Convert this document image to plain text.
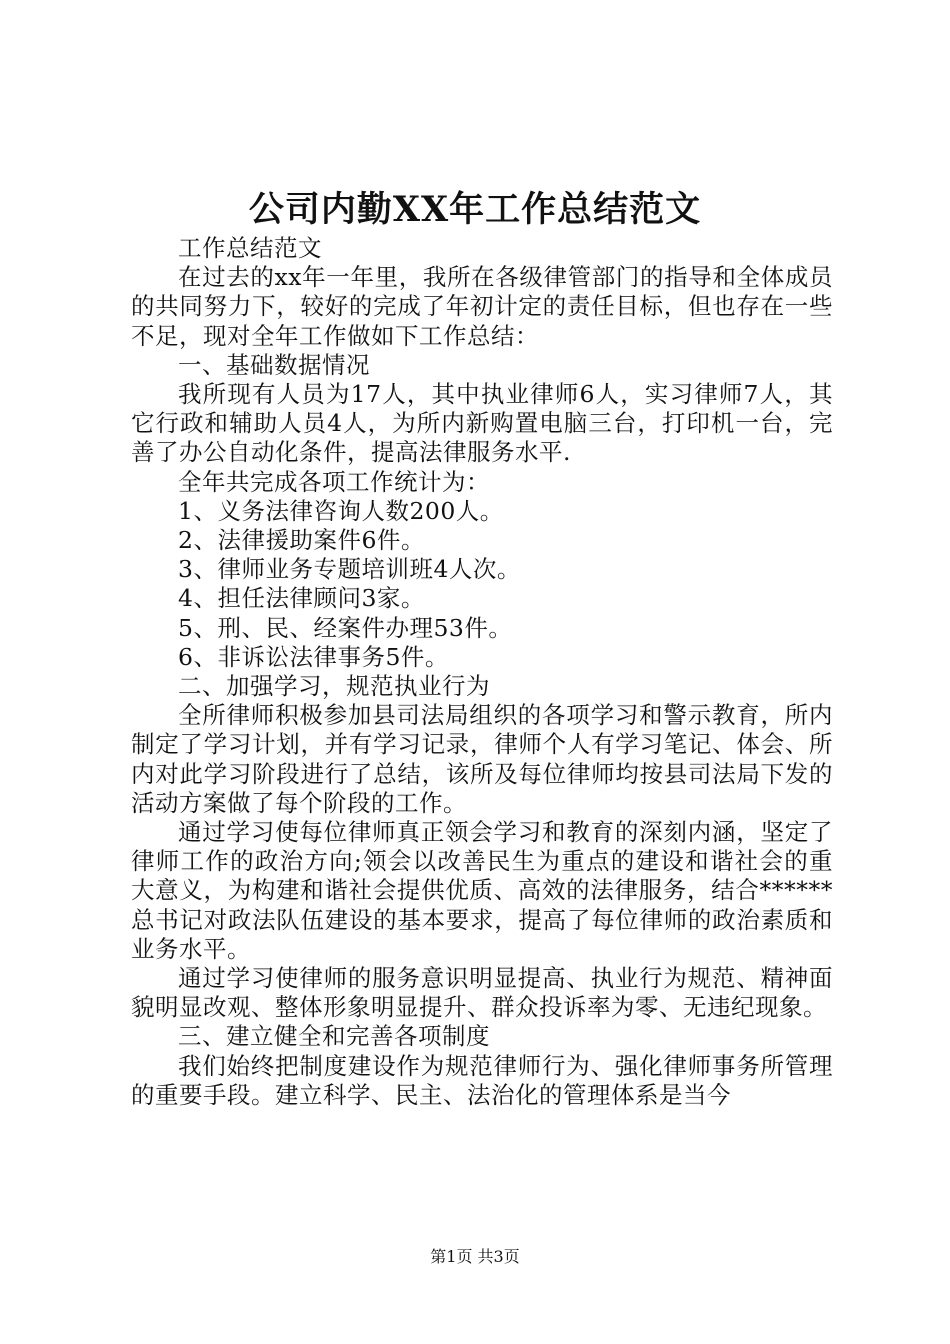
公司内勤XX年工作总结范文

工作总结范文

在过去的xx年一年里，我所在各级律管部门的指导和全体成员的共同努力下，较好的完成了年初计定的责任目标，但也存在一些不足，现对全年工作做如下工作总结：

一、基础数据情况

我所现有人员为17人，其中执业律师6人，实习律师7人，其它行政和辅助人员4人，为所内新购置电脑三台，打印机一台，完善了办公自动化条件，提高法律服务水平.

全年共完成各项工作统计为：

1、义务法律咨询人数200人。

2、法律援助案件6件。

3、律师业务专题培训班4人次。

4、担任法律顾问3家。

5、刑、民、经案件办理53件。

6、非诉讼法律事务5件。

二、加强学习，规范执业行为

全所律师积极参加县司法局组织的各项学习和警示教育，所内制定了学习计划，并有学习记录，律师个人有学习笔记、体会、所内对此学习阶段进行了总结，该所及每位律师均按县司法局下发的活动方案做了每个阶段的工作。

通过学习使每位律师真正领会学习和教育的深刻内涵，坚定了律师工作的政治方向;领会以改善民生为重点的建设和谐社会的重大意义，为构建和谐社会提供优质、高效的法律服务，结合******总书记对政法队伍建设的基本要求，提高了每位律师的政治素质和业务水平。

通过学习使律师的服务意识明显提高、执业行为规范、精神面貌明显改观、整体形象明显提升、群众投诉率为零、无违纪现象。

三、建立健全和完善各项制度

我们始终把制度建设作为规范律师行为、强化律师事务所管理的重要手段。建立科学、民主、法治化的管理体系是当今

第1页 共3页
